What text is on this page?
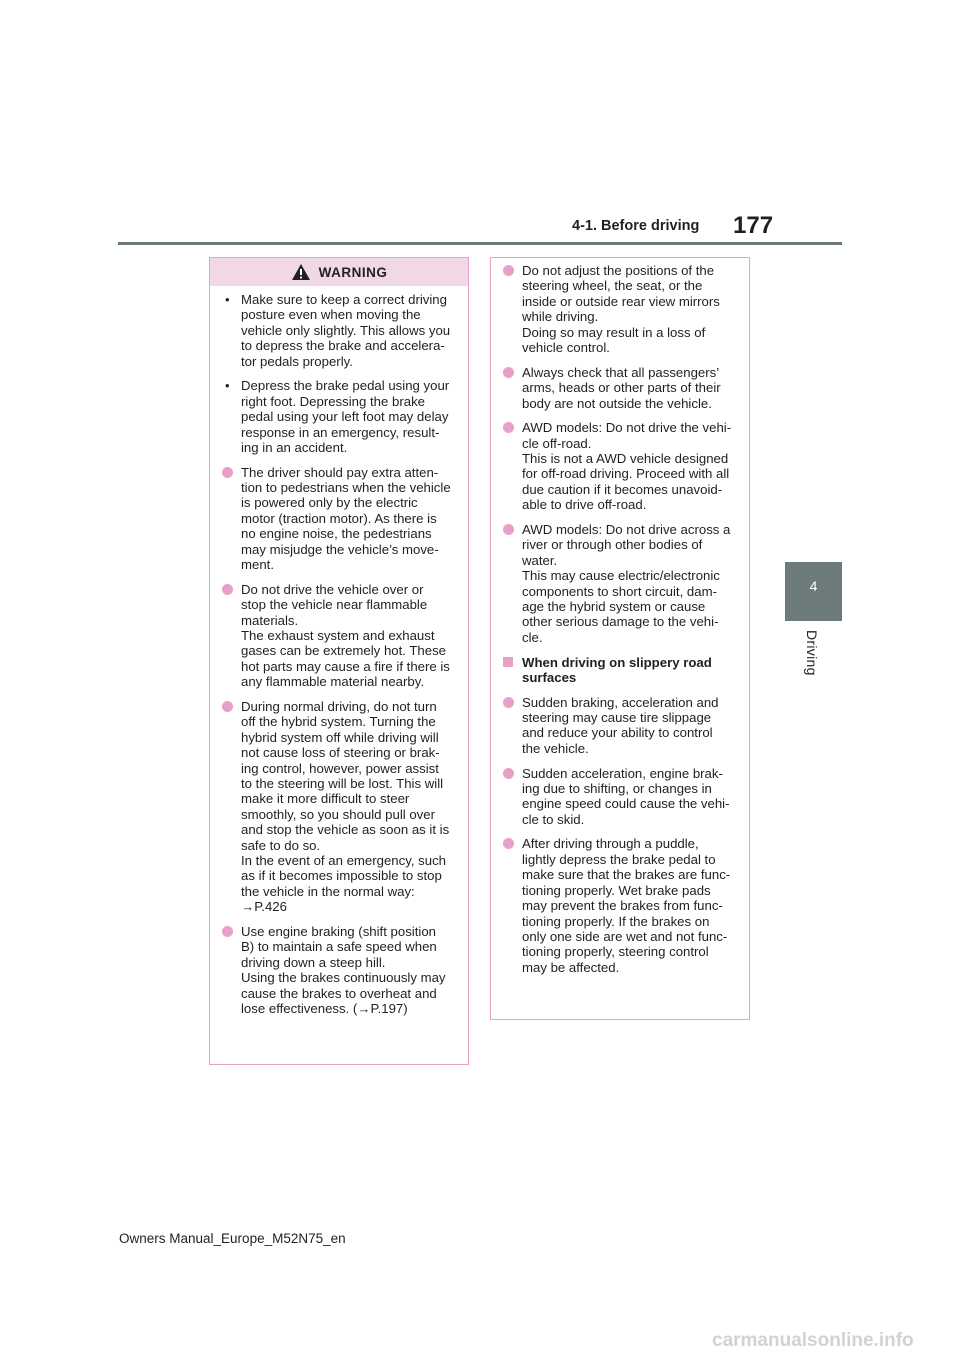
4-1. Before driving 177
4
Driving
WARNING
• Make sure to keep a correct driving
posture even when moving the
vehicle only slightly. This allows you
to depress the brake and accelera-
tor pedals properly.
• Depress the brake pedal using your
right foot. Depressing the brake
pedal using your left foot may delay
response in an emergency, result-
ing in an accident.
The driver should pay extra atten-
tion to pedestrians when the vehicle
is powered only by the electric
motor (traction motor). As there is
no engine noise, the pedestrians
may misjudge the vehicle’s move-
ment.
Do not drive the vehicle over or
stop the vehicle near flammable
materials.
The exhaust system and exhaust
gases can be extremely hot. These
hot parts may cause a fire if there is
any flammable material nearby.
During normal driving, do not turn
off the hybrid system. Turning the
hybrid system off while driving will
not cause loss of steering or brak-
ing control, however, power assist
to the steering will be lost. This will
make it more difficult to steer
smoothly, so you should pull over
and stop the vehicle as soon as it is
safe to do so.
In the event of an emergency, such
as if it becomes impossible to stop
the vehicle in the normal way:
→P.426
Use engine braking (shift position
B) to maintain a safe speed when
driving down a steep hill.
Using the brakes continuously may
cause the brakes to overheat and
lose effectiveness. (→P.197)
Do not adjust the positions of the
steering wheel, the seat, or the
inside or outside rear view mirrors
while driving.
Doing so may result in a loss of
vehicle control.
Always check that all passengers’
arms, heads or other parts of their
body are not outside the vehicle.
AWD models: Do not drive the vehi-
cle off-road.
This is not a AWD vehicle designed
for off-road driving. Proceed with all
due caution if it becomes unavoid-
able to drive off-road.
AWD models: Do not drive across a
river or through other bodies of
water.
This may cause electric/electronic
components to short circuit, dam-
age the hybrid system or cause
other serious damage to the vehi-
cle.
When driving on slippery road
surfaces
Sudden braking, acceleration and
steering may cause tire slippage
and reduce your ability to control
the vehicle.
Sudden acceleration, engine brak-
ing due to shifting, or changes in
engine speed could cause the vehi-
cle to skid.
After driving through a puddle,
lightly depress the brake pedal to
make sure that the brakes are func-
tioning properly. Wet brake pads
may prevent the brakes from func-
tioning properly. If the brakes on
only one side are wet and not func-
tioning properly, steering control
may be affected.
Owners Manual_Europe_M52N75_en
carmanualsonline.info
